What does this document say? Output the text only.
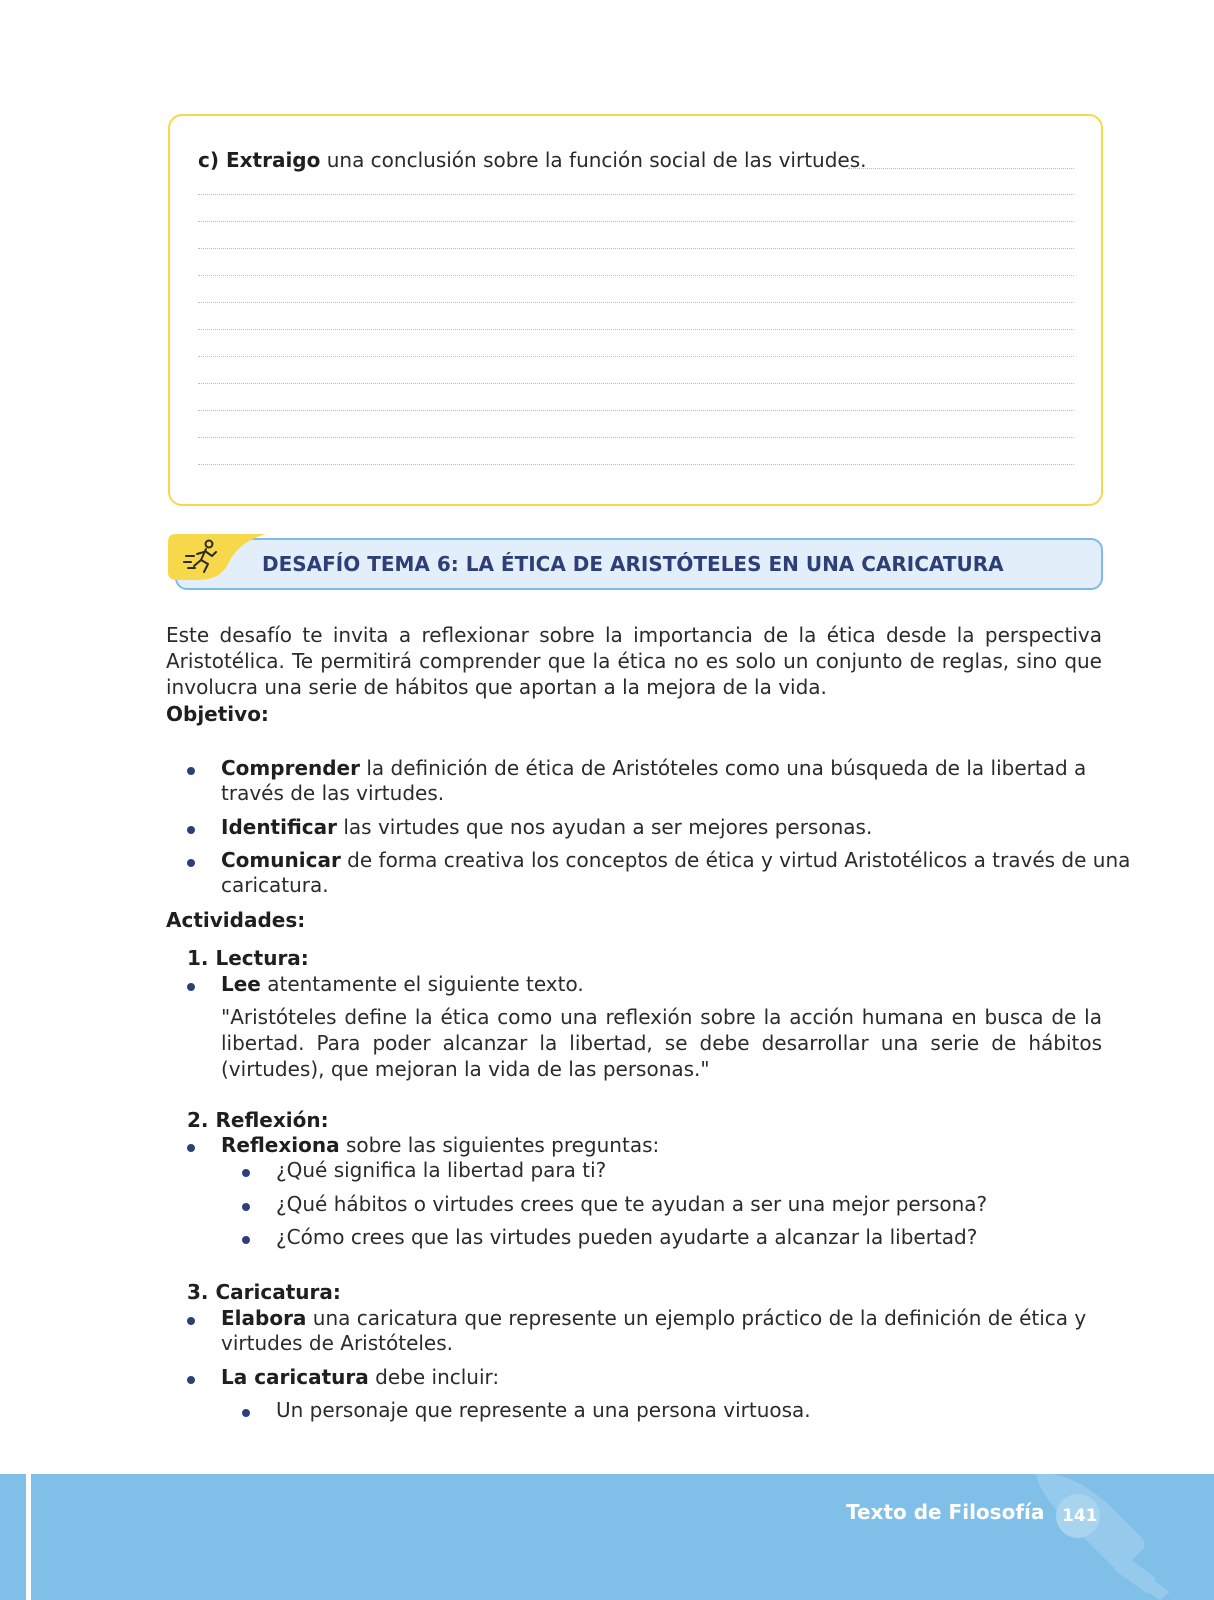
c) Extraigo una conclusión sobre la función social de las virtudes.
DESAFÍO TEMA 6: LA ÉTICA DE ARISTÓTELES EN UNA CARICATURA

Este desafío te invita a reflexionar sobre la importancia de la ética desde la perspectiva Aristotélica. Te permitirá comprender que la ética no es solo un conjunto de reglas, sino que involucra una serie de hábitos que aportan a la mejora de la vida.

Objetivo:
Comprender la definición de ética de Aristóteles como una búsqueda de la libertad a
través de las virtudes.
Identificar las virtudes que nos ayudan a ser mejores personas.
Comunicar de forma creativa los conceptos de ética y virtud Aristotélicos a través de una
caricatura.
Actividades:
1. Lectura:
Lee atentamente el siguiente texto.

"Aristóteles define la ética como una reflexión sobre la acción humana en busca de la libertad. Para poder alcanzar la libertad, se debe desarrollar una serie de hábitos (virtudes), que mejoran la vida de las personas."

2. Reflexión:
Reflexiona sobre las siguientes preguntas:
¿Qué significa la libertad para ti?
¿Qué hábitos o virtudes crees que te ayudan a ser una mejor persona?
¿Cómo crees que las virtudes pueden ayudarte a alcanzar la libertad?
3. Caricatura:
Elabora una caricatura que represente un ejemplo práctico de la definición de ética y
virtudes de Aristóteles.
La caricatura debe incluir:
Un personaje que represente a una persona virtuosa.
Texto de Filosofía 141
